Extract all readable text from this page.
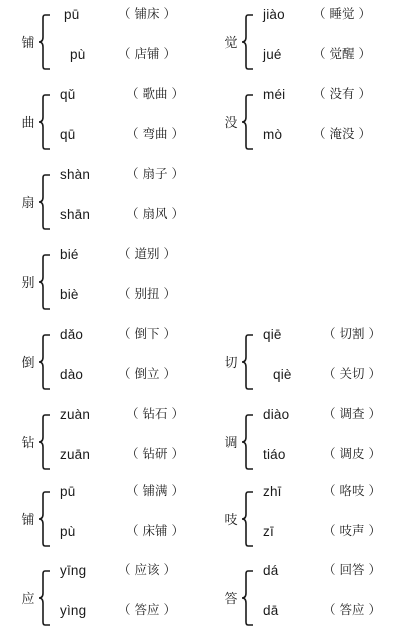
铺
pū	（ 铺床 ）
pù	（ 店铺 ）
觉
jiào （ 睡觉 ）
jué	（ 觉醒 ）
曲
qǔ	（ 歌曲 ）
qū	（ 弯曲 ）
没
méi （ 没有 ）
mò （ 淹没 ）
扇
shàn	（ 扇子 ）
shān	（ 扇风 ）
别
bié	（ 道别 ）
biè	（ 别扭 ）
倒
dǎo	（ 倒下 ）
dào	（ 倒立 ）
切
qiē	（ 切割 ）
qiè	（ 关切 ）
钻
zuàn	（ 钻石 ）
zuān	（ 钻研 ）
调
diào	（ 调查 ）
tiáo	（ 调皮 ）
铺
pū	（ 铺满 ）
pù	（ 床铺 ）
吱
zhī	（ 咯吱 ）
zī	（ 吱声 ）
应
yīng	（ 应该 ）
yìng	（ 答应 ）
答
dá	（ 回答 ）
dā	（ 答应 ）
